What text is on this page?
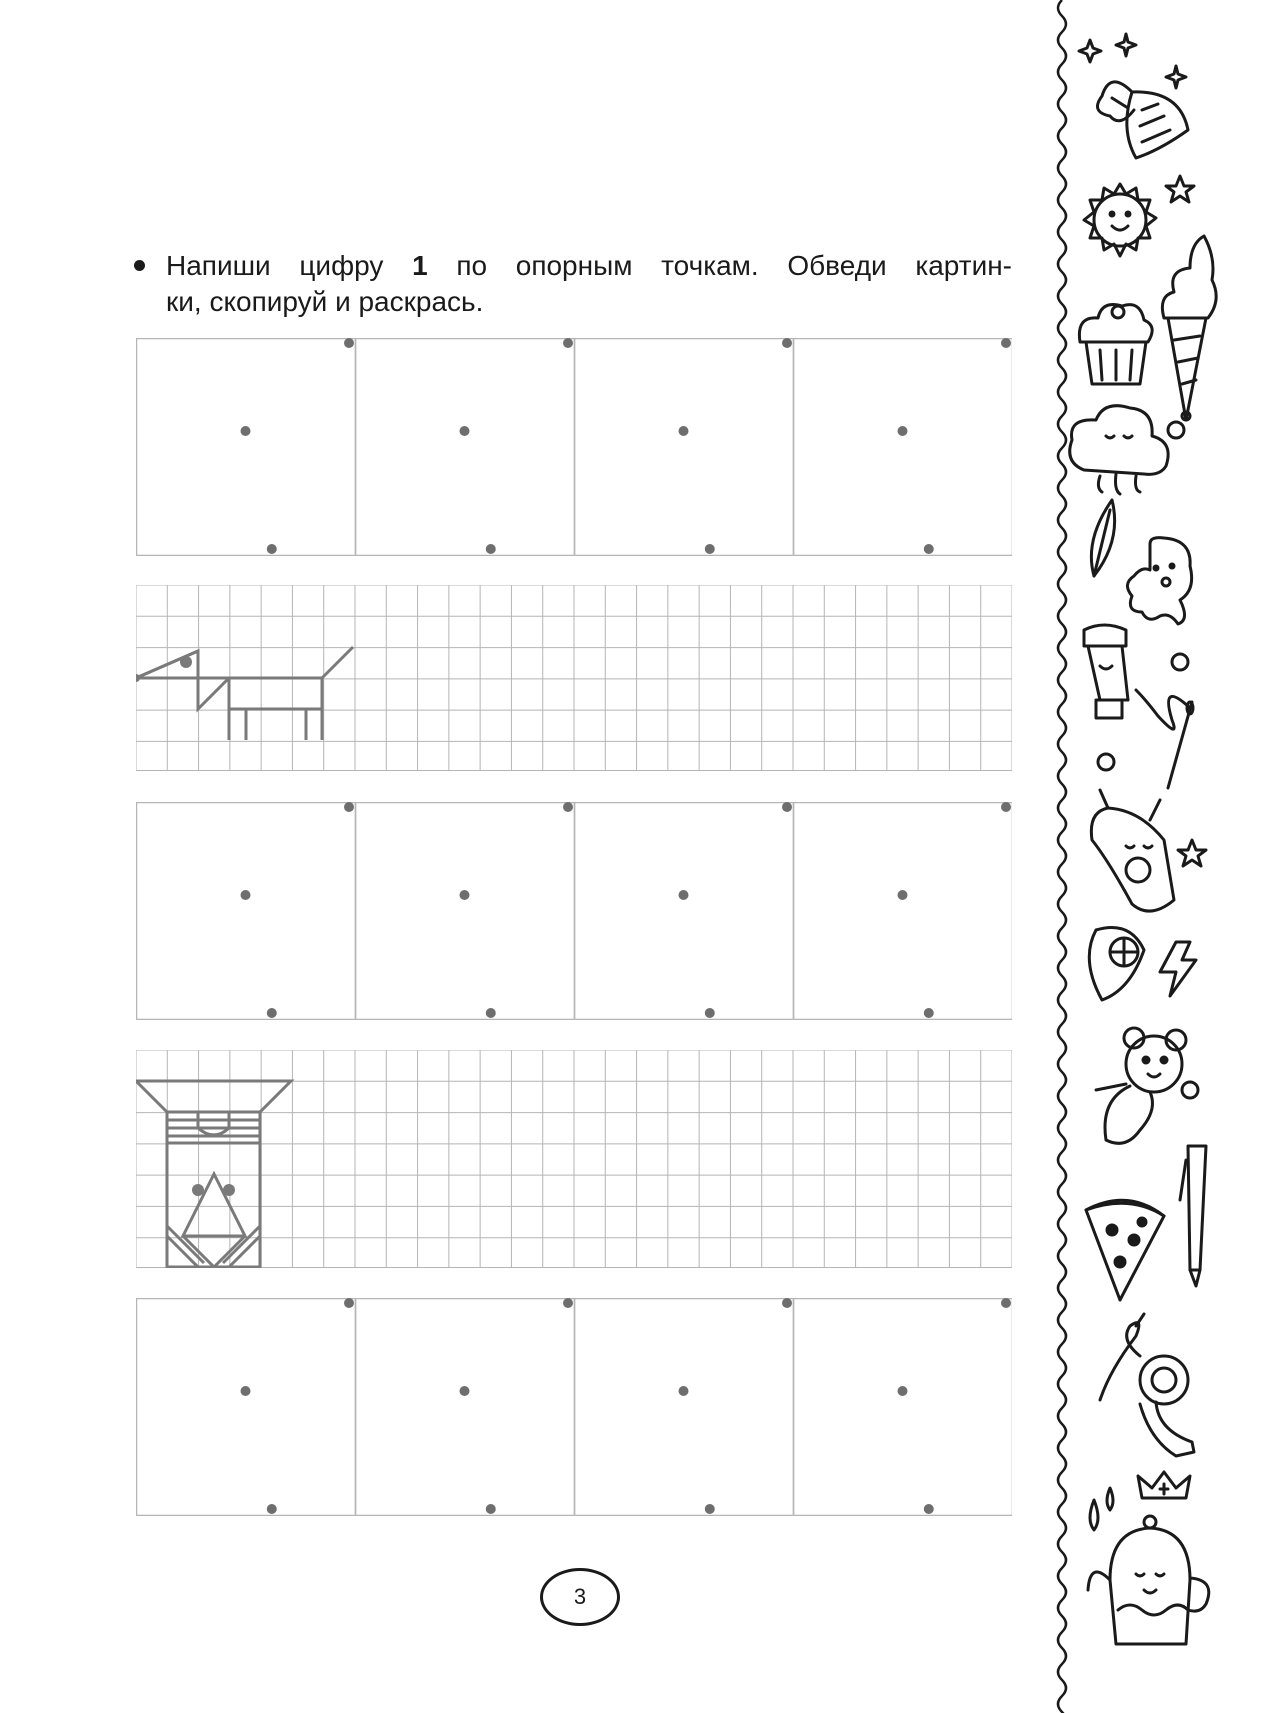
Напиши цифру 1 по опорным точкам. Обведи картин-
ки, скопируй и раскрась.

3
